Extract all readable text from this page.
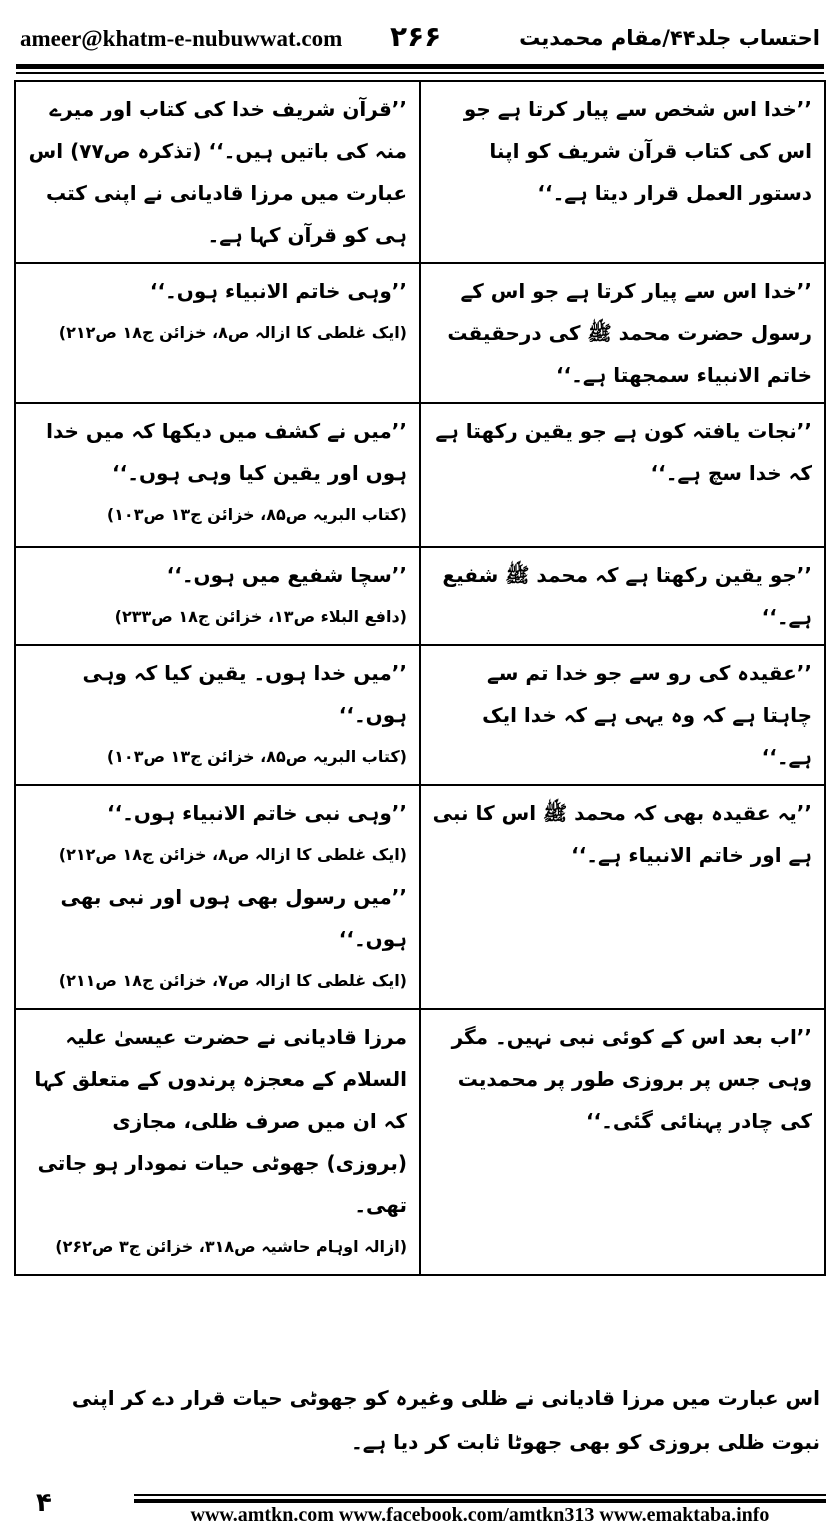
ameer@khatm-e-nubuwwat.com ۲۶۶	احتساب جلد۴۴/مقام محمدیت
’’خدا اس شخص سے پیار کرتا ہے جو اس کی کتاب قرآن شریف کو اپنا دستور العمل قرار دیتا ہے۔‘‘	’’قرآن شریف خدا کی کتاب اور میرے منہ کی باتیں ہیں۔‘‘ (تذکرہ ص۷۷) اس عبارت میں مرزا قادیانی نے اپنی کتب ہی کو قرآن کہا ہے۔

’’خدا اس سے پیار کرتا ہے جو اس کے رسول حضرت محمد ﷺ کی درحقیقت خاتم الانبیاء سمجھتا ہے۔‘‘	’’وہی خاتم الانبیاء ہوں۔‘‘
(ایک غلطی کا ازالہ ص۸، خزائن ج۱۸ ص۲۱۲)

’’نجات یافتہ کون ہے جو یقین رکھتا ہے کہ خدا سچ ہے۔‘‘	’’میں نے کشف میں دیکھا کہ میں خدا ہوں اور یقین کیا وہی ہوں۔‘‘
(کتاب البریہ ص۸۵، خزائن ج۱۳ ص۱۰۳)

’’جو یقین رکھتا ہے کہ محمد ﷺ شفیع ہے۔‘‘	’’سچا شفیع میں ہوں۔‘‘
(دافع البلاء ص۱۳، خزائن ج۱۸ ص۲۳۳)

’’عقیدہ کی رو سے جو خدا تم سے چاہتا ہے کہ وہ یہی ہے کہ خدا ایک ہے۔‘‘	’’میں خدا ہوں۔ یقین کیا کہ وہی ہوں۔‘‘
(کتاب البریہ ص۸۵، خزائن ج۱۳ ص۱۰۳)

’’یہ عقیدہ بھی کہ محمد ﷺ اس کا نبی ہے اور خاتم الانبیاء ہے۔‘‘	’’وہی نبی خاتم الانبیاء ہوں۔‘‘
(ایک غلطی کا ازالہ ص۸، خزائن ج۱۸ ص۲۱۲)
’’میں رسول بھی ہوں اور نبی بھی ہوں۔‘‘
(ایک غلطی کا ازالہ ص۷، خزائن ج۱۸ ص۲۱۱)

’’اب بعد اس کے کوئی نبی نہیں۔ مگر وہی جس پر بروزی طور پر محمدیت کی چادر پہنائی گئی۔‘‘	مرزا قادیانی نے حضرت عیسیٰ علیہ السلام کے معجزہ پرندوں کے متعلق کہا کہ ان میں صرف ظلی، مجازی (بروزی) جھوٹی حیات نمودار ہو جاتی تھی۔
(ازالہ اوہام حاشیہ ص۳۱۸، خزائن ج۳ ص۲۶۲)
اس عبارت میں مرزا قادیانی نے ظلی وغیرہ کو جھوٹی حیات قرار دے کر اپنی نبوت ظلی بروزی کو بھی جھوٹا ثابت کر دیا ہے۔
۴	www.amtkn.com www.facebook.com/amtkn313 www.emaktaba.info
